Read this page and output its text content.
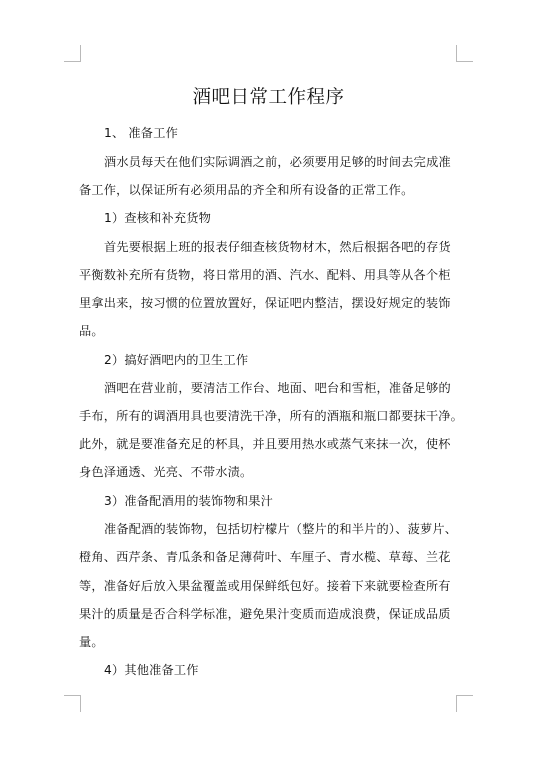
酒吧日常工作程序
1、 准备工作
酒水员每天在他们实际调酒之前，必须要用足够的时间去完成准
备工作，以保证所有必须用品的齐全和所有设备的正常工作。
1）查核和补充货物
首先要根据上班的报表仔细查核货物材木，然后根据各吧的存货
平衡数补充所有货物，将日常用的酒、汽水、配料、用具等从各个柜
里拿出来，按习惯的位置放置好，保证吧内整洁，摆设好规定的装饰
品。
2）搞好酒吧内的卫生工作
酒吧在营业前，要清洁工作台、地面、吧台和雪柜，准备足够的
手布，所有的调酒用具也要清洗干净，所有的酒瓶和瓶口都要抹干净。
此外，就是要准备充足的杯具，并且要用热水或蒸气来抹一次，使杯
身色泽通透、光亮、不带水渍。
3）准备配酒用的装饰物和果汁
准备配酒的装饰物，包括切柠檬片（整片的和半片的）、菠萝片、
橙角、西芹条、青瓜条和备足薄荷叶、车厘子、青水榄、草莓、兰花
等，准备好后放入果盆覆盖或用保鲜纸包好。接着下来就要检查所有
果汁的质量是否合科学标准，避免果汁变质而造成浪费，保证成品质
量。
4）其他准备工作
